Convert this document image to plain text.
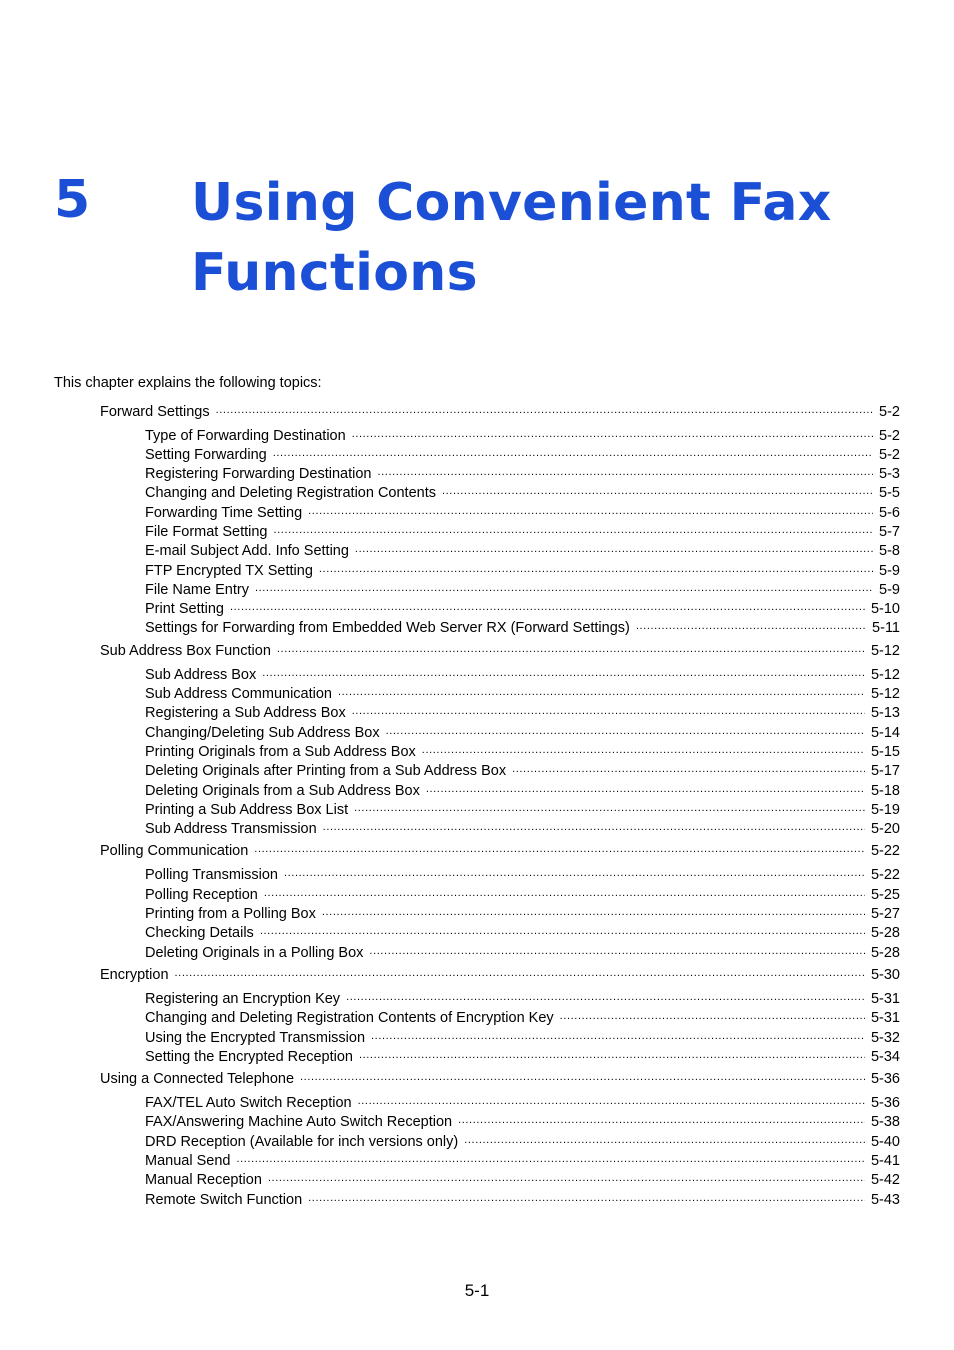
5 Using Convenient Fax Functions
This chapter explains the following topics:
Forward Settings .....	5-2
Type of Forwarding Destination .....	5-2
Setting Forwarding .....	5-2
Registering Forwarding Destination .....	5-3
Changing and Deleting Registration Contents .....	5-5
Forwarding Time Setting .....	5-6
File Format Setting .....	5-7
E-mail Subject Add. Info Setting .....	5-8
FTP Encrypted TX Setting .....	5-9
File Name Entry .....	5-9
Print Setting .....	5-10
Settings for Forwarding from Embedded Web Server RX (Forward Settings) .....	5-11
Sub Address Box Function .....	5-12
Sub Address Box .....	5-12
Sub Address Communication .....	5-12
Registering a Sub Address Box .....	5-13
Changing/Deleting Sub Address Box .....	5-14
Printing Originals from a Sub Address Box .....	5-15
Deleting Originals after Printing from a Sub Address Box .....	5-17
Deleting Originals from a Sub Address Box .....	5-18
Printing a Sub Address Box List .....	5-19
Sub Address Transmission .....	5-20
Polling Communication .....	5-22
Polling Transmission .....	5-22
Polling Reception .....	5-25
Printing from a Polling Box .....	5-27
Checking Details .....	5-28
Deleting Originals in a Polling Box .....	5-28
Encryption .....	5-30
Registering an Encryption Key .....	5-31
Changing and Deleting Registration Contents of Encryption Key .....	5-31
Using the Encrypted Transmission .....	5-32
Setting the Encrypted Reception .....	5-34
Using a Connected Telephone .....	5-36
FAX/TEL Auto Switch Reception .....	5-36
FAX/Answering Machine Auto Switch Reception .....	5-38
DRD Reception (Available for inch versions only) .....	5-40
Manual Send .....	5-41
Manual Reception .....	5-42
Remote Switch Function .....	5-43
5-1
